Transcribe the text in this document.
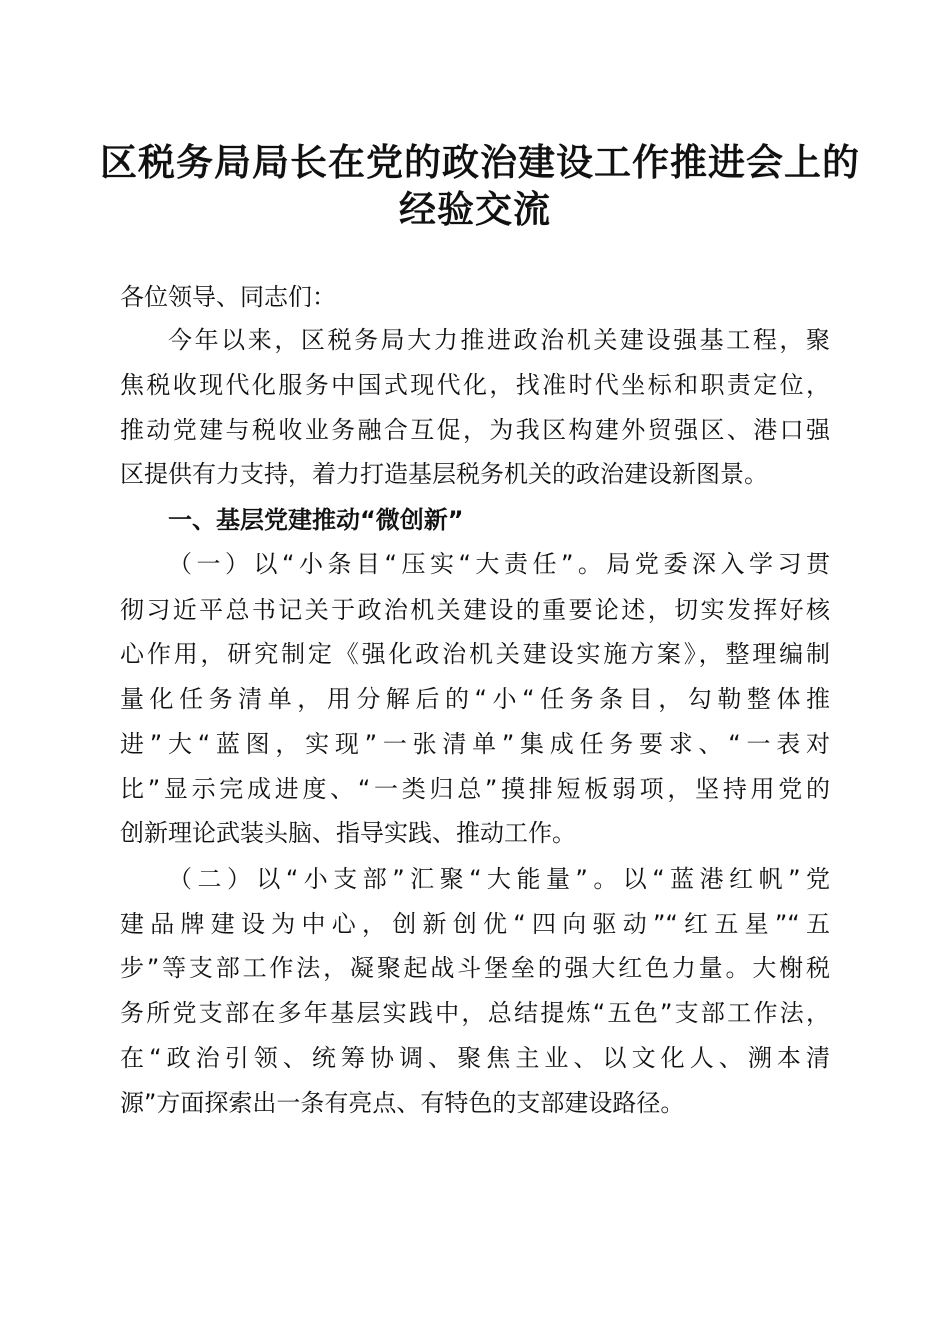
区税务局局长在党的政治建设工作推进会上的
经验交流
各位领导、同志们：
今年以来，区税务局大力推进政治机关建设强基工程，聚
焦税收现代化服务中国式现代化，找准时代坐标和职责定位，
推动党建与税收业务融合互促，为我区构建外贸强区、港口强
区提供有力支持，着力打造基层税务机关的政治建设新图景。
一、基层党建推动“微创新”
（一）以“小条目“压实“大责任”。局党委深入学习贯
彻习近平总书记关于政治机关建设的重要论述，切实发挥好核
心作用，研究制定《强化政治机关建设实施方案》，整理编制
量化任务清单，用分解后的“小“任务条目，勾勒整体推
进”大“蓝图，实现”一张清单”集成任务要求、“一表对
比”显示完成进度、“一类归总”摸排短板弱项，坚持用党的
创新理论武装头脑、指导实践、推动工作。
（二）以“小支部”汇聚“大能量”。以“蓝港红帆”党
建品牌建设为中心，创新创优“四向驱动”“红五星”“五
步”等支部工作法，凝聚起战斗堡垒的强大红色力量。大榭税
务所党支部在多年基层实践中，总结提炼“五色”支部工作法，
在“政治引领、统筹协调、聚焦主业、以文化人、溯本清
源”方面探索出一条有亮点、有特色的支部建设路径。
